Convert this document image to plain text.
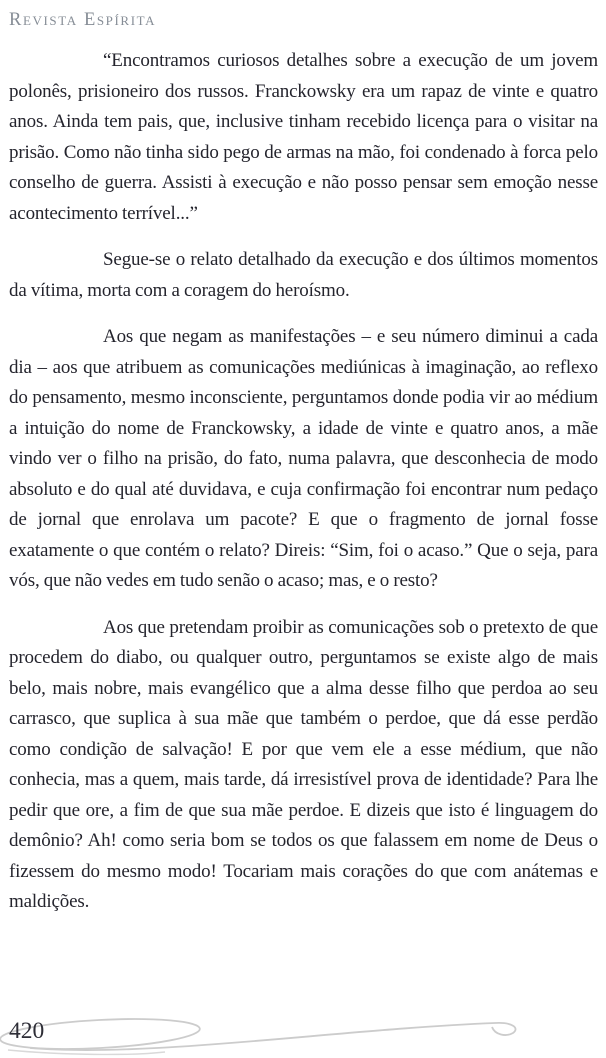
Revista Espírita

“Encontramos curiosos detalhes sobre a execução de um jovem polonês, prisioneiro dos russos. Franckowsky era um rapaz de vinte e quatro anos. Ainda tem pais, que, inclusive tinham recebido licença para o visitar na prisão. Como não tinha sido pego de armas na mão, foi condenado à forca pelo conselho de guerra. Assisti à execução e não posso pensar sem emoção nesse acontecimento terrível...”

Segue-se o relato detalhado da execução e dos últimos momentos da vítima, morta com a coragem do heroísmo.

Aos que negam as manifestações – e seu número diminui a cada dia – aos que atribuem as comunicações mediúnicas à imaginação, ao reflexo do pensamento, mesmo inconsciente, perguntamos donde podia vir ao médium a intuição do nome de Franckowsky, a idade de vinte e quatro anos, a mãe vindo ver o filho na prisão, do fato, numa palavra, que desconhecia de modo absoluto e do qual até duvidava, e cuja confirmação foi encontrar num pedaço de jornal que enrolava um pacote? E que o fragmento de jornal fosse exatamente o que contém o relato? Direis: “Sim, foi o acaso.” Que o seja, para vós, que não vedes em tudo senão o acaso; mas, e o resto?

Aos que pretendam proibir as comunicações sob o pretexto de que procedem do diabo, ou qualquer outro, perguntamos se existe algo de mais belo, mais nobre, mais evangélico que a alma desse filho que perdoa ao seu carrasco, que suplica à sua mãe que também o perdoe, que dá esse perdão como condição de salvação! E por que vem ele a esse médium, que não conhecia, mas a quem, mais tarde, dá irresistível prova de identidade? Para lhe pedir que ore, a fim de que sua mãe perdoe. E dizeis que isto é linguagem do demônio? Ah! como seria bom se todos os que falassem em nome de Deus o fizessem do mesmo modo! Tocariam mais corações do que com anátemas e maldições.

420
